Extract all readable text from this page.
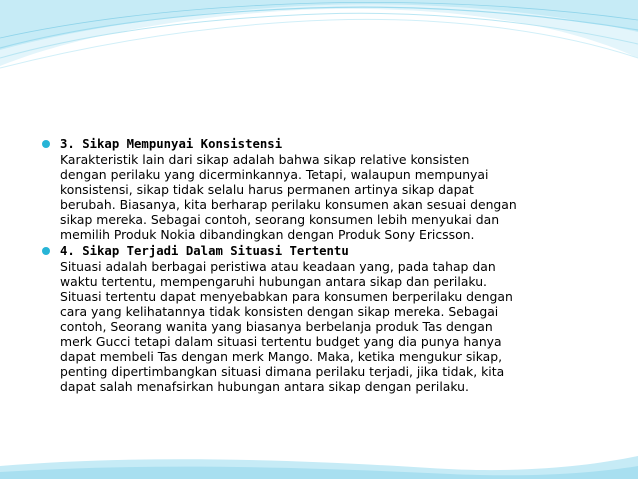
3. Sikap Mempunyai Konsistensi
Karakteristik lain dari sikap adalah bahwa sikap relative konsisten
dengan perilaku yang dicerminkannya. Tetapi, walaupun mempunyai
konsistensi, sikap tidak selalu harus permanen artinya sikap dapat
berubah. Biasanya, kita berharap perilaku konsumen akan sesuai dengan
sikap mereka. Sebagai contoh, seorang konsumen lebih menyukai dan
memilih Produk Nokia dibandingkan dengan Produk Sony Ericsson.
4. Sikap Terjadi Dalam Situasi Tertentu
Situasi adalah berbagai peristiwa atau keadaan yang, pada tahap dan
waktu tertentu, mempengaruhi hubungan antara sikap dan perilaku.
Situasi tertentu dapat menyebabkan para konsumen berperilaku dengan
cara yang kelihatannya tidak konsisten dengan sikap mereka. Sebagai
contoh, Seorang wanita yang biasanya berbelanja produk Tas dengan
merk Gucci tetapi dalam situasi tertentu budget yang dia punya hanya
dapat membeli Tas dengan merk Mango. Maka, ketika mengukur sikap,
penting dipertimbangkan situasi dimana perilaku terjadi, jika tidak, kita
dapat salah menafsirkan hubungan antara sikap dengan perilaku.
